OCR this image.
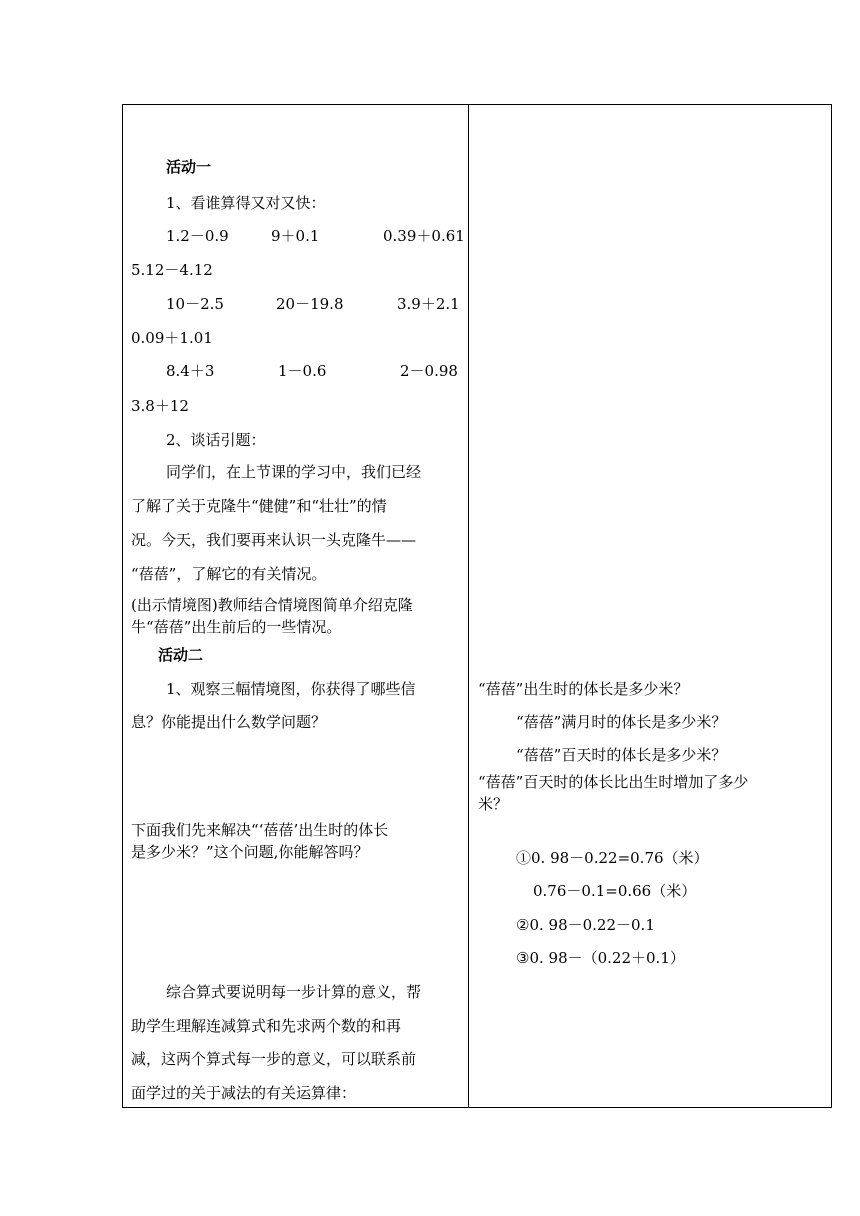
活动一
1、看谁算得又对又快：
1.2－0.9	9＋0.1	0.39＋0.61
5.12－4.12
10－2.5	20－19.8	3.9＋2.1
0.09＋1.01
8.4＋3	1－0.6	2－0.98
3.8＋12
2、谈话引题：
同学们，在上节课的学习中，我们已经
了解了关于克隆牛“健健”和“壮壮”的情
况。今天，我们要再来认识一头克隆牛——
“蓓蓓”，了解它的有关情况。
(出示情境图)教师结合情境图简单介绍克隆
牛“蓓蓓”出生前后的一些情况。
活动二
1、观察三幅情境图，你获得了哪些信
息？你能提出什么数学问题？
下面我们先来解决“‘蓓蓓’出生时的体长
是多少米？”这个问题,你能解答吗？
综合算式要说明每一步计算的意义，帮
助学生理解连减算式和先求两个数的和再
减，这两个算式每一步的意义，可以联系前
面学过的关于减法的有关运算律：
“蓓蓓”出生时的体长是多少米？
“蓓蓓”满月时的体长是多少米？
“蓓蓓”百天时的体长是多少米？
“蓓蓓”百天时的体长比出生时增加了多少
米？
①0. 98－0.22=0.76（米）
0.76－0.1=0.66（米）
②0. 98－0.22－0.1
③0. 98－（0.22＋0.1）
